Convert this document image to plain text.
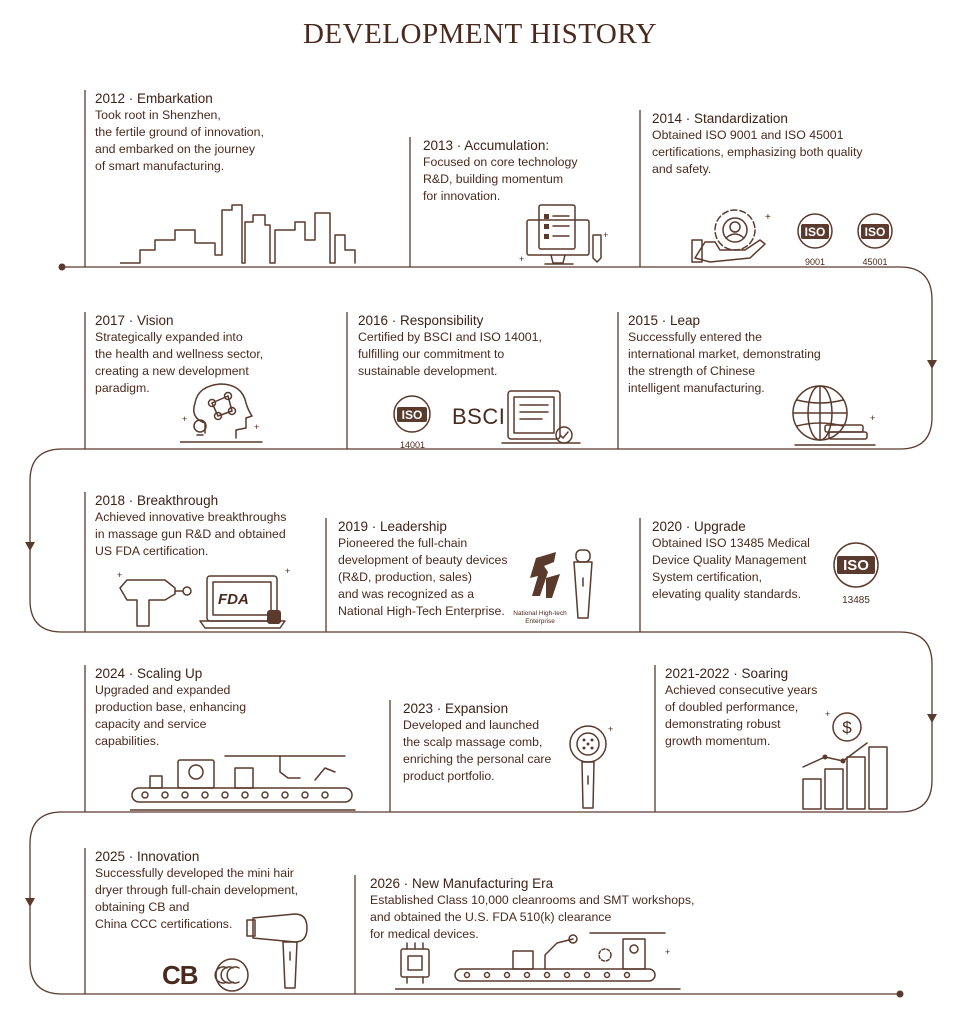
DEVELOPMENT HISTORY
2012 · Embarkation
Took root in Shenzhen,
the fertile ground of innovation,
and embarked on the journey
of smart manufacturing.
2013 · Accumulation:
Focused on core technology
R&D, building momentum
for innovation.
2014 · Standardization
Obtained ISO 9001 and ISO 45001
certifications, emphasizing both quality
and safety.
2015 · Leap
Successfully entered the
international market, demonstrating
the strength of Chinese
intelligent manufacturing.
2016 · Responsibility
Certified by BSCI and ISO 14001,
fulfilling our commitment to
sustainable development.
2017 · Vision
Strategically expanded into
the health and wellness sector,
creating a new development
paradigm.
2018 · Breakthrough
Achieved innovative breakthroughs
in massage gun R&D and obtained
US FDA certification.
2019 · Leadership
Pioneered the full-chain
development of beauty devices
(R&D, production, sales)
and was recognized as a
National High-Tech Enterprise.
2020 · Upgrade
Obtained ISO 13485 Medical
Device Quality Management
System certification,
elevating quality standards.
2021-2022 · Soaring
Achieved consecutive years
of doubled performance,
demonstrating robust
growth momentum.
2023 · Expansion
Developed and launched
the scalp massage comb,
enriching the personal care
product portfolio.
2024 · Scaling Up
Upgraded and expanded
production base, enhancing
capacity and service
capabilities.
2025 · Innovation
Successfully developed the mini hair
dryer through full-chain development,
obtaining CB and
China CCC certifications.
2026 · New Manufacturing Era
Established Class 10,000 cleanrooms and SMT workshops,
and obtained the U.S. FDA 510(k) clearance
for medical devices.
+
+
+
ISO
9001
ISO
45001
+
ISO
14001
BSCI
+
+
+	+
FDA
National High-tech Enterprise
ISO
13485
$
+
+
CB
+
